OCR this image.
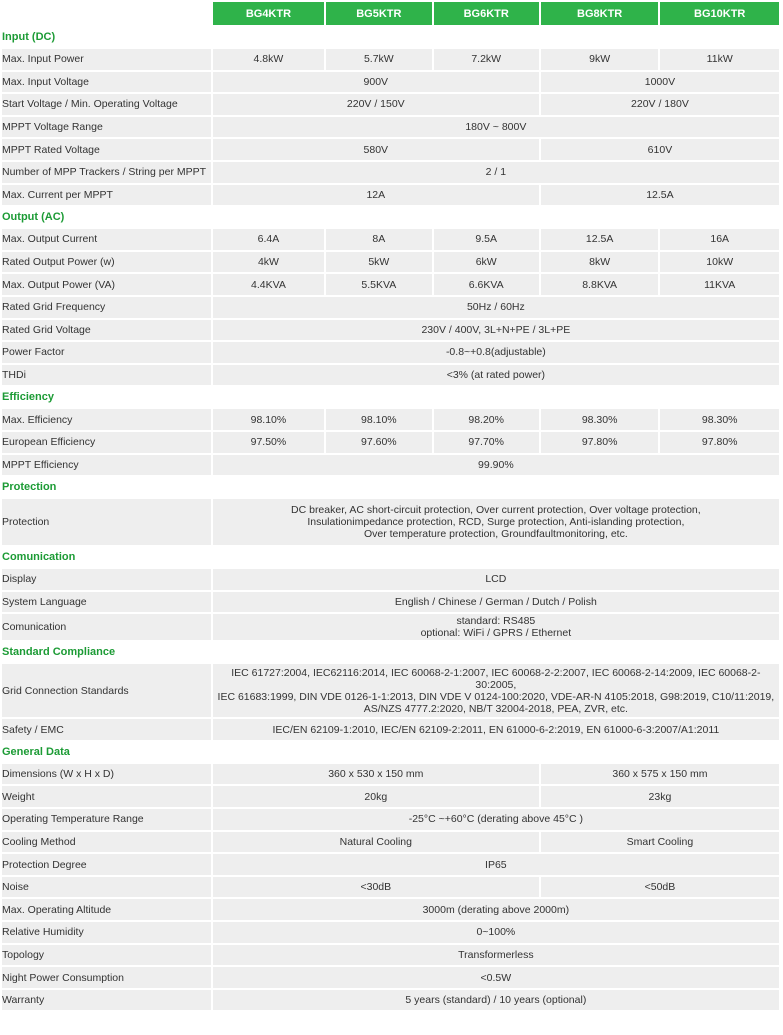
	BG4KTR	BG5KTR	BG6KTR	BG8KTR	BG10KTR
Input (DC)					
Max. Input Power	4.8kW	5.7kW	7.2kW	9kW	11kW
Max. Input Voltage	900V			1000V	
Start Voltage / Min. Operating Voltage	220V / 150V			220V / 180V	
MPPT Voltage Range	180V ~ 800V				
MPPT Rated Voltage	580V			610V	
Number of MPP Trackers / String per MPPT	2 / 1				
Max. Current per MPPT	12A			12.5A	
Output (AC)					
Max. Output Current	6.4A	8A	9.5A	12.5A	16A
Rated Output Power (w)	4kW	5kW	6kW	8kW	10kW
Max. Output Power (VA)	4.4KVA	5.5KVA	6.6KVA	8.8KVA	11KVA
Rated Grid Frequency	50Hz / 60Hz				
Rated Grid Voltage	230V / 400V, 3L+N+PE / 3L+PE				
Power Factor	-0.8~+0.8(adjustable)				
THDi	<3% (at rated power)				
Efficiency					
Max. Efficiency	98.10%	98.10%	98.20%	98.30%	98.30%
European Efficiency	97.50%	97.60%	97.70%	97.80%	97.80%
MPPT Efficiency	99.90%				
Protection					
Protection	DC breaker, AC short-circuit protection, Over current protection, Over voltage protection,
Insulationimpedance protection, RCD, Surge protection, Anti-islanding protection,
Over temperature protection, Groundfaultmonitoring, etc.				

Comunication					
Display	LCD				
System Language	English / Chinese / German / Dutch / Polish				
Comunication	standard: RS485
optional: WiFi / GPRS / Ethernet				

Standard Compliance					
Grid Connection Standards	IEC 61727:2004, IEC62116:2014, IEC 60068-2-1:2007, IEC 60068-2-2:2007, IEC 60068-2-14:2009, IEC 60068-2-30:2005,
IEC 61683:1999, DIN VDE 0126-1-1:2013, DIN VDE V 0124-100:2020, VDE-AR-N 4105:2018, G98:2019, C10/11:2019,
AS/NZS 4777.2:2020, NB/T 32004-2018, PEA, ZVR, etc.				

Safety / EMC	IEC/EN 62109-1:2010, IEC/EN 62109-2:2011, EN 61000-6-2:2019, EN 61000-6-3:2007/A1:2011				
General Data					
Dimensions (W x H x D)	360 x 530 x 150 mm			360 x 575 x 150 mm	
Weight	20kg			23kg	
Operating Temperature Range	-25°C ~+60°C (derating above 45°C )				
Cooling Method	Natural Cooling			Smart Cooling	
Protection Degree	IP65				
Noise	<30dB			<50dB	
Max. Operating Altitude	3000m (derating above 2000m)				
Relative Humidity	0~100%				
Topology	Transformerless				
Night Power Consumption	<0.5W				
Warranty	5 years (standard) / 10 years (optional)				
